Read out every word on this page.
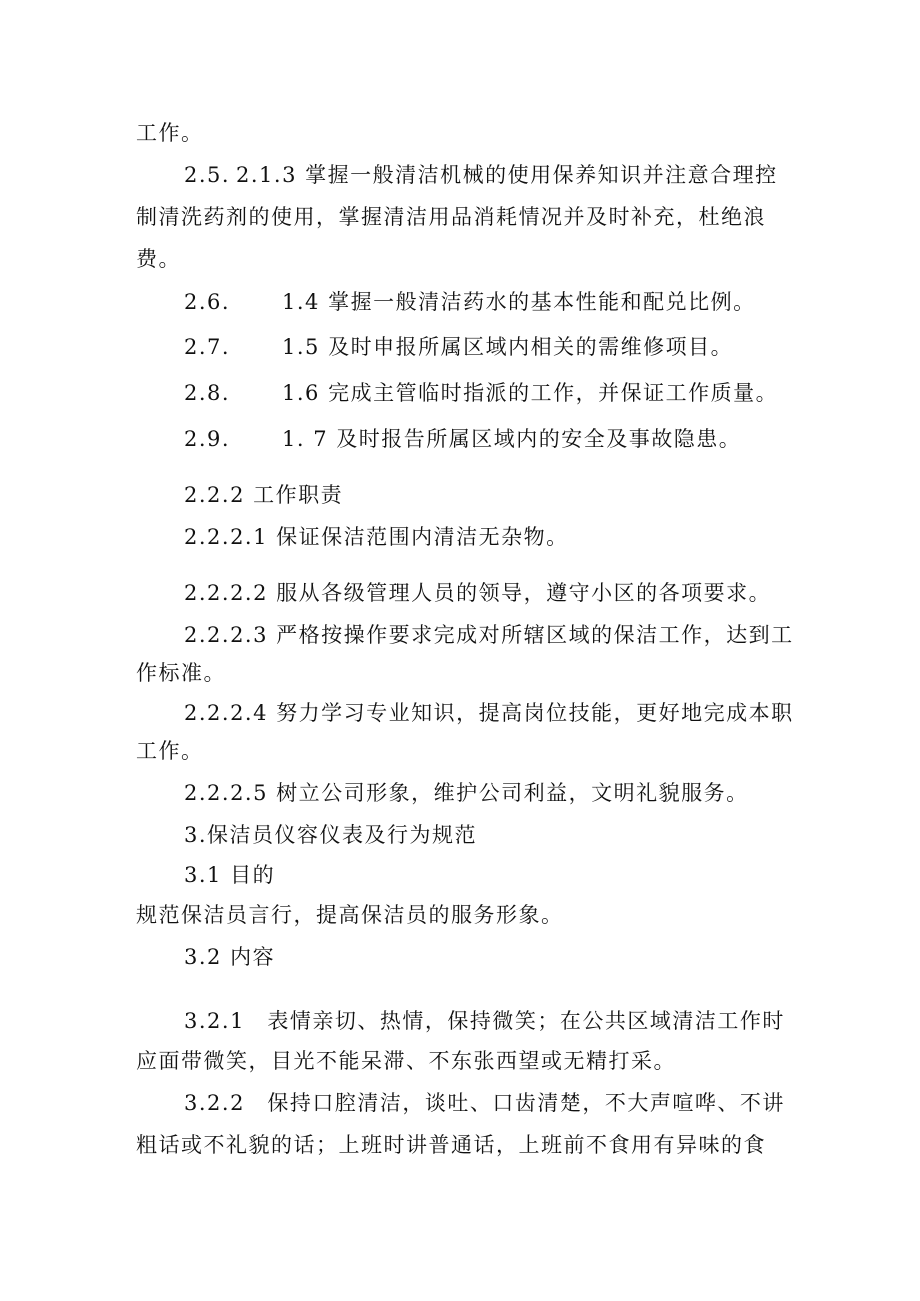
工作。
2.5. 2.1.3 掌握一般清洁机械的使用保养知识并注意合理控
制清洗药剂的使用，掌握清洁用品消耗情况并及时补充，杜绝浪
费。
2.6. 1.4 掌握一般清洁药水的基本性能和配兑比例。
2.7. 1.5 及时申报所属区域内相关的需维修项目。
2.8. 1.6 完成主管临时指派的工作，并保证工作质量。
2.9. 1. 7 及时报告所属区域内的安全及事故隐患。
2.2.2 工作职责
2.2.2.1 保证保洁范围内清洁无杂物。
2.2.2.2 服从各级管理人员的领导，遵守小区的各项要求。
2.2.2.3 严格按操作要求完成对所辖区域的保洁工作，达到工
作标准。
2.2.2.4 努力学习专业知识，提高岗位技能，更好地完成本职
工作。
2.2.2.5 树立公司形象，维护公司利益，文明礼貌服务。
3.保洁员仪容仪表及行为规范
3.1 目的
规范保洁员言行，提高保洁员的服务形象。
3.2 内容
3.2.1　表情亲切、热情，保持微笑；在公共区域清洁工作时
应面带微笑，目光不能呆滞、不东张西望或无精打采。
3.2.2　保持口腔清洁，谈吐、口齿清楚，不大声喧哗、不讲
粗话或不礼貌的话；上班时讲普通话，上班前不食用有异味的食
